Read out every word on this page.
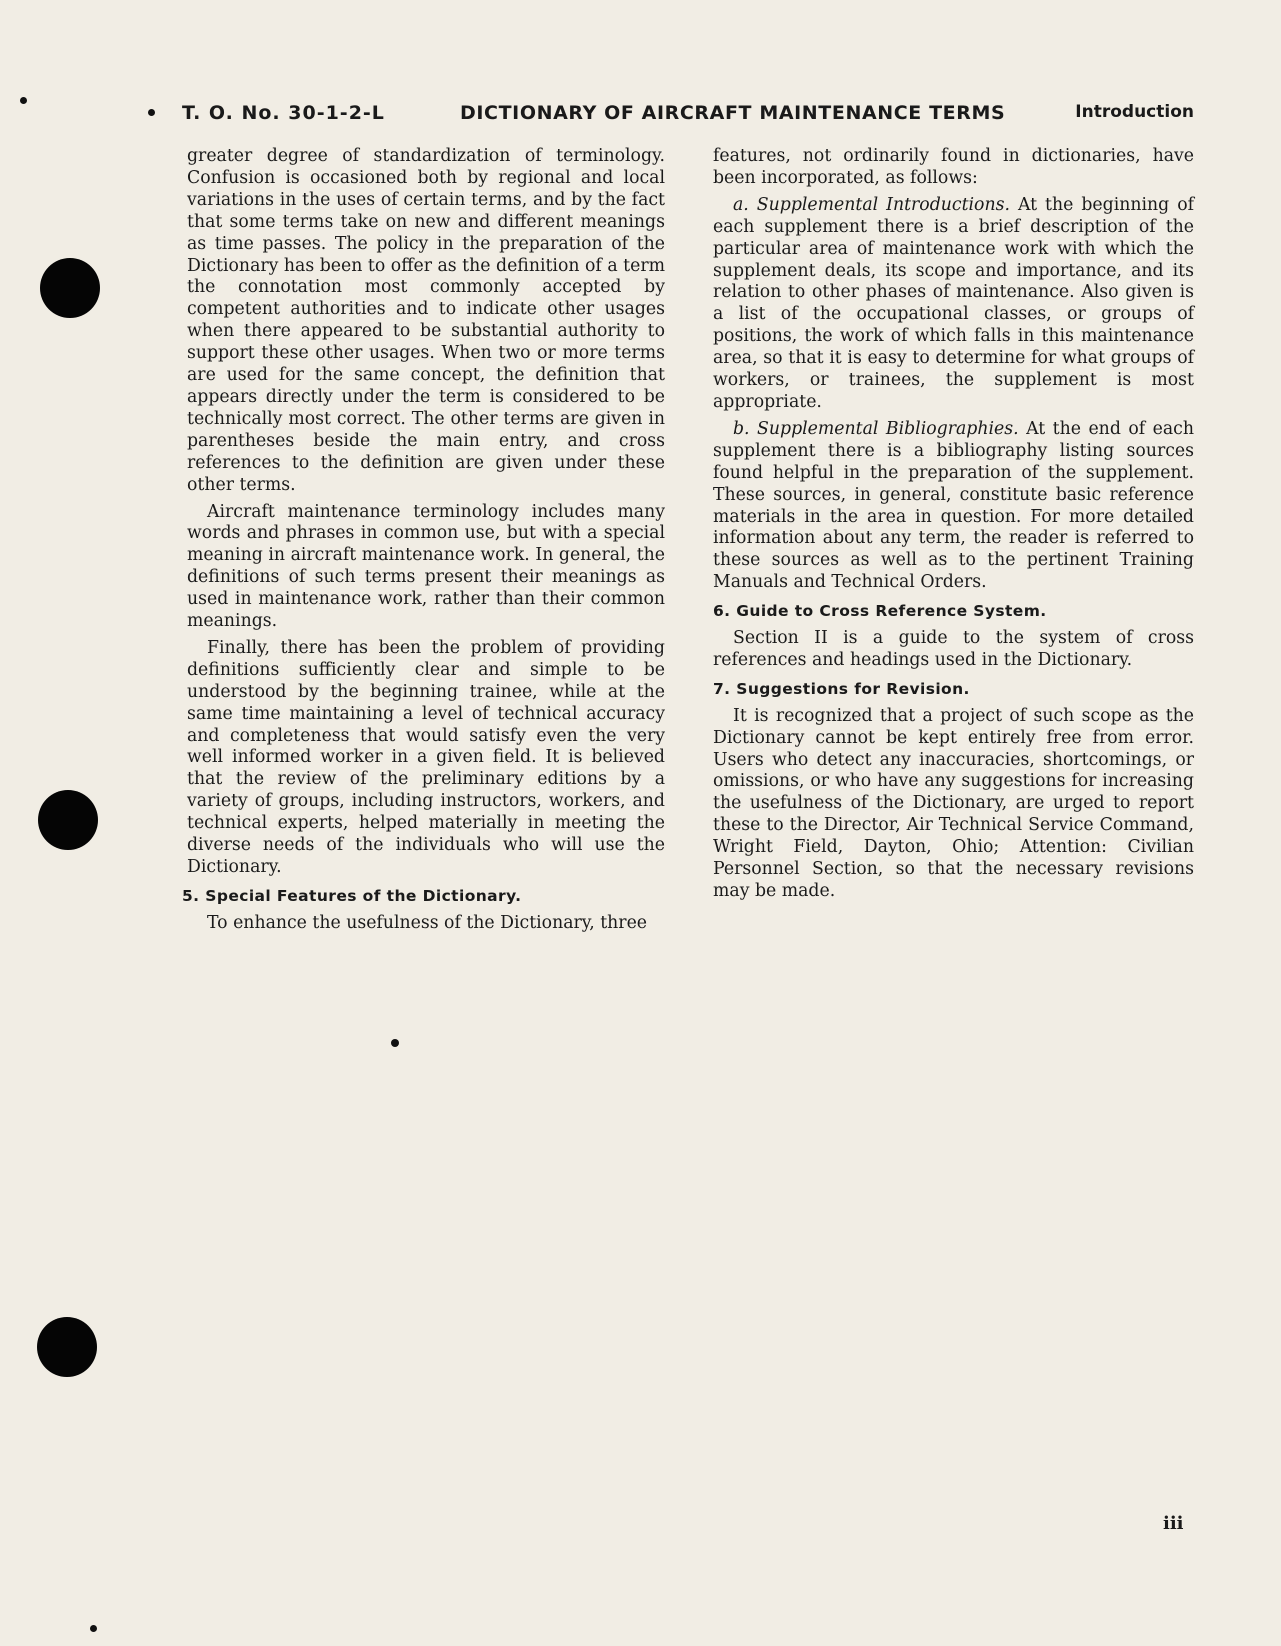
T. O. No. 30-1-2-L	DICTIONARY OF AIRCRAFT MAINTENANCE TERMS	Introduction

greater degree of standardization of terminology. Confusion is occasioned both by regional and local variations in the uses of certain terms, and by the fact that some terms take on new and different meanings as time passes. The policy in the preparation of the Dictionary has been to offer as the definition of a term the connotation most commonly accepted by competent authorities and to indicate other usages when there appeared to be substantial authority to support these other usages. When two or more terms are used for the same concept, the definition that appears directly under the term is considered to be technically most correct. The other terms are given in parentheses beside the main entry, and cross references to the definition are given under these other terms.

Aircraft maintenance terminology includes many words and phrases in common use, but with a special meaning in aircraft maintenance work. In general, the definitions of such terms present their meanings as used in maintenance work, rather than their common meanings.

Finally, there has been the problem of providing definitions sufficiently clear and simple to be understood by the beginning trainee, while at the same time maintaining a level of technical accuracy and completeness that would satisfy even the very well informed worker in a given field. It is believed that the review of the preliminary editions by a variety of groups, including instructors, workers, and technical experts, helped materially in meeting the diverse needs of the individuals who will use the Dictionary.

5. Special Features of the Dictionary.

To enhance the usefulness of the Dictionary, three

features, not ordinarily found in dictionaries, have been incorporated, as follows:

a. Supplemental Introductions. At the beginning of each supplement there is a brief description of the particular area of maintenance work with which the supplement deals, its scope and importance, and its relation to other phases of maintenance. Also given is a list of the occupational classes, or groups of positions, the work of which falls in this maintenance area, so that it is easy to determine for what groups of workers, or trainees, the supplement is most appropriate.

b. Supplemental Bibliographies. At the end of each supplement there is a bibliography listing sources found helpful in the preparation of the supplement. These sources, in general, constitute basic reference materials in the area in question. For more detailed information about any term, the reader is referred to these sources as well as to the pertinent Training Manuals and Technical Orders.

6. Guide to Cross Reference System.

Section II is a guide to the system of cross references and headings used in the Dictionary.

7. Suggestions for Revision.

It is recognized that a project of such scope as the Dictionary cannot be kept entirely free from error. Users who detect any inaccuracies, shortcomings, or omissions, or who have any suggestions for increasing the usefulness of the Dictionary, are urged to report these to the Director, Air Technical Service Command, Wright Field, Dayton, Ohio; Attention: Civilian Personnel Section, so that the necessary revisions may be made.

iii
